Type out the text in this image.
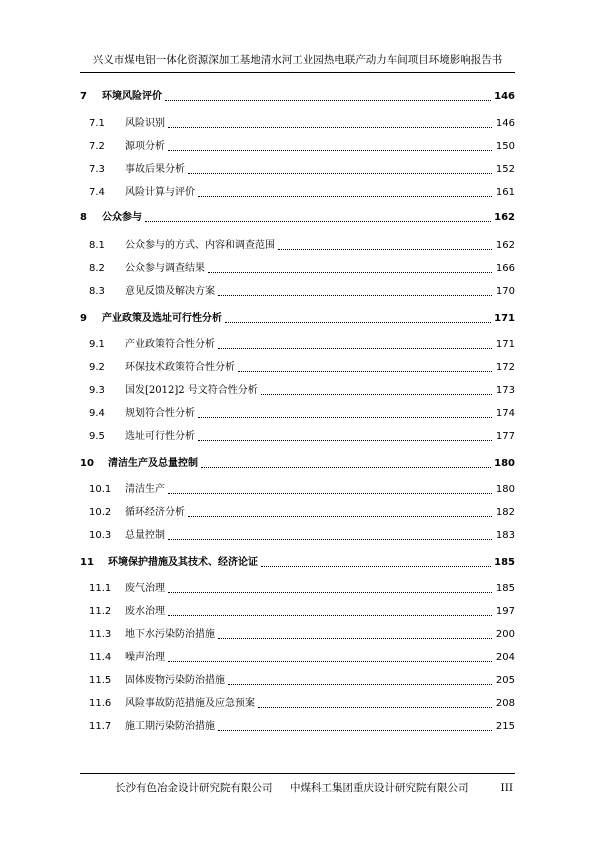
兴义市煤电铝一体化资源深加工基地清水河工业园热电联产动力车间项目环境影响报告书
7	环境风险评价	146
7.1	风险识别	146
7.2	源项分析	150
7.3	事故后果分析	152
7.4	风险计算与评价	161
8	公众参与	162
8.1	公众参与的方式、内容和调查范围	162
8.2	公众参与调查结果	166
8.3	意见反馈及解决方案	170
9	产业政策及选址可行性分析	171
9.1	产业政策符合性分析	171
9.2	环保技术政策符合性分析	172
9.3	国发[2012]2 号文符合性分析	173
9.4	规划符合性分析	174
9.5	选址可行性分析	177
10	清洁生产及总量控制	180
10.1	清洁生产	180
10.2	循环经济分析	182
10.3	总量控制	183
11	环境保护措施及其技术、经济论证	185
11.1	废气治理	185
11.2	废水治理	197
11.3	地下水污染防治措施	200
11.4	噪声治理	204
11.5	固体废物污染防治措施	205
11.6	风险事故防范措施及应急预案	208
11.7	施工期污染防治措施	215
长沙有色冶金设计研究院有限公司 中煤科工集团重庆设计研究院有限公司	III
